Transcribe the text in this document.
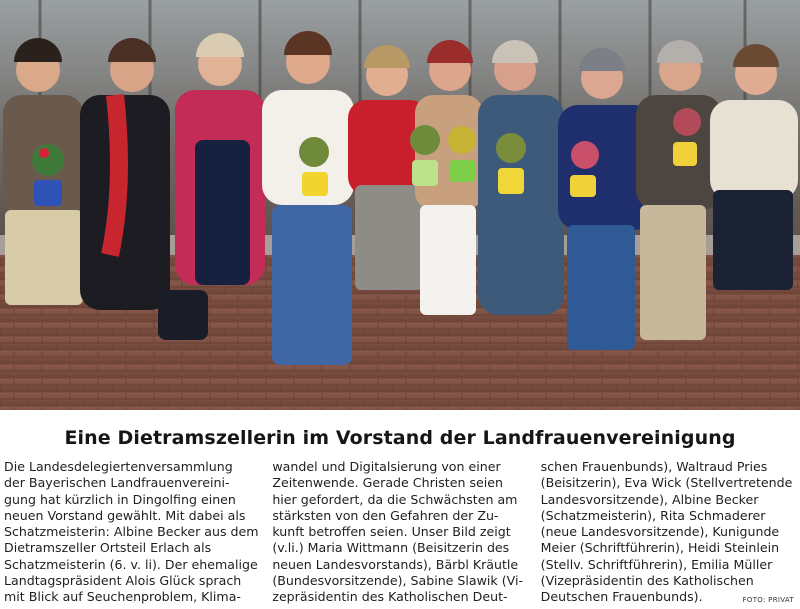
Eine Dietramszellerin im Vorstand der Landfrauenvereinigung
Die Landesdelegiertenversammlung
der Bayerischen Landfrauenvereini-
gung hat kürzlich in Dingolfing einen
neuen Vorstand gewählt. Mit dabei als
Schatzmeisterin: Albine Becker aus dem
Dietramszeller Ortsteil Erlach als
Schatzmeisterin (6. v. li). Der ehemalige
Landtagspräsident Alois Glück sprach
mit Blick auf Seuchenproblem, Klima-
wandel und Digitalsierung von einer
Zeitenwende. Gerade Christen seien
hier gefordert, da die Schwächsten am
stärksten von den Gefahren der Zu-
kunft betroffen seien. Unser Bild zeigt
(v.li.) Maria Wittmann (Beisitzerin des
neuen Landesvorstands), Bärbl Kräutle
(Bundesvorsitzende), Sabine Slawik (Vi-
zepräsidentin des Katholischen Deut-
schen Frauenbunds), Waltraud Pries
(Beisitzerin), Eva Wick (Stellvertretende
Landesvorsitzende), Albine Becker
(Schatzmeisterin), Rita Schmaderer
(neue Landesvorsitzende), Kunigunde
Meier (Schriftführerin), Heidi Steinlein
(Stellv. Schriftführerin), Emilia Müller
(Vizepräsidentin des Katholischen
Deutschen Frauenbunds).	FOTO: PRIVAT
